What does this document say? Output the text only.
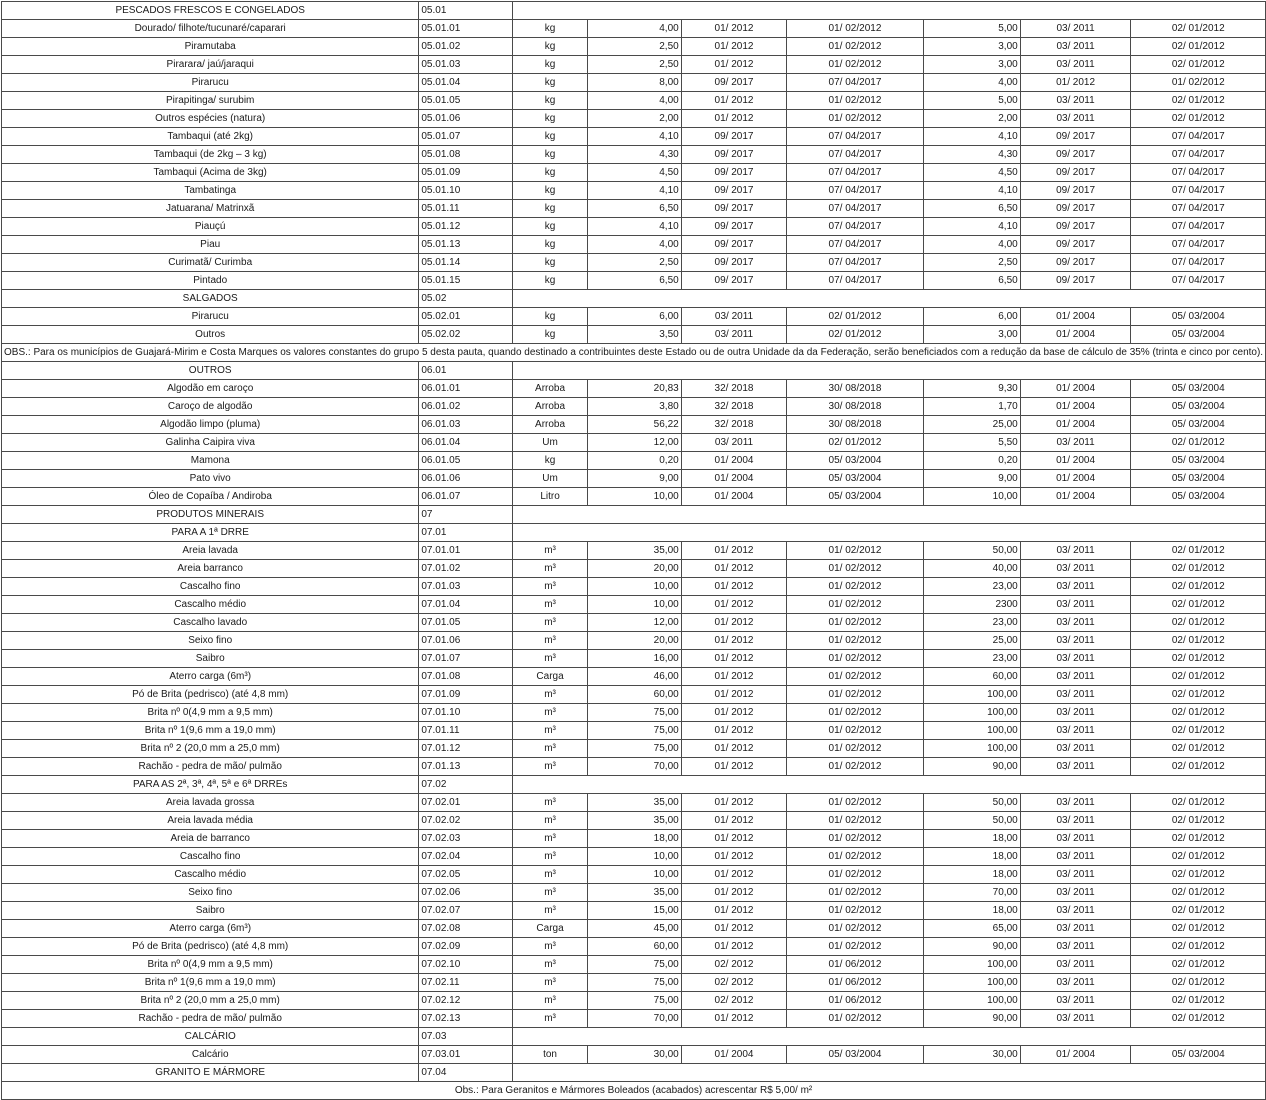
PESCADOS FRESCOS E CONGELADOS	05.01							
Dourado/ filhote/tucunaré/caparari	05.01.01	kg	4,00	01/ 2012	01/ 02/2012	5,00	03/ 2011	02/ 01/2012
Piramutaba	05.01.02	kg	2,50	01/ 2012	01/ 02/2012	3,00	03/ 2011	02/ 01/2012
Pirarara/ jaú/jaraqui	05.01.03	kg	2,50	01/ 2012	01/ 02/2012	3,00	03/ 2011	02/ 01/2012
Pirarucu	05.01.04	kg	8,00	09/ 2017	07/ 04/2017	4,00	01/ 2012	01/ 02/2012
Pirapitinga/ surubim	05.01.05	kg	4,00	01/ 2012	01/ 02/2012	5,00	03/ 2011	02/ 01/2012
Outros espécies (natura)	05.01.06	kg	2,00	01/ 2012	01/ 02/2012	2,00	03/ 2011	02/ 01/2012
Tambaqui (até 2kg)	05.01.07	kg	4,10	09/ 2017	07/ 04/2017	4,10	09/ 2017	07/ 04/2017
Tambaqui (de 2kg – 3 kg)	05.01.08	kg	4,30	09/ 2017	07/ 04/2017	4,30	09/ 2017	07/ 04/2017
Tambaqui (Acima de 3kg)	05.01.09	kg	4,50	09/ 2017	07/ 04/2017	4,50	09/ 2017	07/ 04/2017
Tambatinga	05.01.10	kg	4,10	09/ 2017	07/ 04/2017	4,10	09/ 2017	07/ 04/2017
Jatuarana/ Matrinxã	05.01.11	kg	6,50	09/ 2017	07/ 04/2017	6,50	09/ 2017	07/ 04/2017
Piauçú	05.01.12	kg	4,10	09/ 2017	07/ 04/2017	4,10	09/ 2017	07/ 04/2017
Piau	05.01.13	kg	4,00	09/ 2017	07/ 04/2017	4,00	09/ 2017	07/ 04/2017
Curimatã/ Curimba	05.01.14	kg	2,50	09/ 2017	07/ 04/2017	2,50	09/ 2017	07/ 04/2017
Pintado	05.01.15	kg	6,50	09/ 2017	07/ 04/2017	6,50	09/ 2017	07/ 04/2017
SALGADOS	05.02							
Pirarucu	05.02.01	kg	6,00	03/ 2011	02/ 01/2012	6,00	01/ 2004	05/ 03/2004
Outros	05.02.02	kg	3,50	03/ 2011	02/ 01/2012	3,00	01/ 2004	05/ 03/2004
OBS.: Para os municípios de Guajará-Mirim e Costa Marques os valores constantes do grupo 5 desta pauta, quando destinado a contribuintes deste Estado ou de outra Unidade da da Federação, serão beneficiados com a redução da base de cálculo de 35% (trinta e cinco por cento).								
OUTROS	06.01							
Algodão em caroço	06.01.01	Arroba	20,83	32/ 2018	30/ 08/2018	9,30	01/ 2004	05/ 03/2004
Caroço de algodão	06.01.02	Arroba	3,80	32/ 2018	30/ 08/2018	1,70	01/ 2004	05/ 03/2004
Algodão limpo (pluma)	06.01.03	Arroba	56,22	32/ 2018	30/ 08/2018	25,00	01/ 2004	05/ 03/2004
Galinha Caipira viva	06.01.04	Um	12,00	03/ 2011	02/ 01/2012	5,50	03/ 2011	02/ 01/2012
Mamona	06.01.05	kg	0,20	01/ 2004	05/ 03/2004	0,20	01/ 2004	05/ 03/2004
Pato vivo	06.01.06	Um	9,00	01/ 2004	05/ 03/2004	9,00	01/ 2004	05/ 03/2004
Óleo de Copaíba / Andiroba	06.01.07	Litro	10,00	01/ 2004	05/ 03/2004	10,00	01/ 2004	05/ 03/2004
PRODUTOS MINERAIS	07							
PARA A 1ª DRRE	07.01							
Areia lavada	07.01.01	m³	35,00	01/ 2012	01/ 02/2012	50,00	03/ 2011	02/ 01/2012
Areia barranco	07.01.02	m³	20,00	01/ 2012	01/ 02/2012	40,00	03/ 2011	02/ 01/2012
Cascalho fino	07.01.03	m³	10,00	01/ 2012	01/ 02/2012	23,00	03/ 2011	02/ 01/2012
Cascalho médio	07.01.04	m³	10,00	01/ 2012	01/ 02/2012	2300	03/ 2011	02/ 01/2012
Cascalho lavado	07.01.05	m³	12,00	01/ 2012	01/ 02/2012	23,00	03/ 2011	02/ 01/2012
Seixo fino	07.01.06	m³	20,00	01/ 2012	01/ 02/2012	25,00	03/ 2011	02/ 01/2012
Saibro	07.01.07	m³	16,00	01/ 2012	01/ 02/2012	23,00	03/ 2011	02/ 01/2012
Aterro carga (6m³)	07.01.08	Carga	46,00	01/ 2012	01/ 02/2012	60,00	03/ 2011	02/ 01/2012
Pó de Brita (pedrisco) (até 4,8 mm)	07.01.09	m³	60,00	01/ 2012	01/ 02/2012	100,00	03/ 2011	02/ 01/2012
Brita nº 0(4,9 mm a 9,5 mm)	07.01.10	m³	75,00	01/ 2012	01/ 02/2012	100,00	03/ 2011	02/ 01/2012
Brita nº 1(9,6 mm a 19,0 mm)	07.01.11	m³	75,00	01/ 2012	01/ 02/2012	100,00	03/ 2011	02/ 01/2012
Brita nº 2 (20,0 mm a 25,0 mm)	07.01.12	m³	75,00	01/ 2012	01/ 02/2012	100,00	03/ 2011	02/ 01/2012
Rachão - pedra de mão/ pulmão	07.01.13	m³	70,00	01/ 2012	01/ 02/2012	90,00	03/ 2011	02/ 01/2012
PARA AS 2ª, 3ª, 4ª, 5ª e 6ª DRREs	07.02							
Areia lavada grossa	07.02.01	m³	35,00	01/ 2012	01/ 02/2012	50,00	03/ 2011	02/ 01/2012
Areia lavada média	07.02.02	m³	35,00	01/ 2012	01/ 02/2012	50,00	03/ 2011	02/ 01/2012
Areia de barranco	07.02.03	m³	18,00	01/ 2012	01/ 02/2012	18,00	03/ 2011	02/ 01/2012
Cascalho fino	07.02.04	m³	10,00	01/ 2012	01/ 02/2012	18,00	03/ 2011	02/ 01/2012
Cascalho médio	07.02.05	m³	10,00	01/ 2012	01/ 02/2012	18,00	03/ 2011	02/ 01/2012
Seixo fino	07.02.06	m³	35,00	01/ 2012	01/ 02/2012	70,00	03/ 2011	02/ 01/2012
Saibro	07.02.07	m³	15,00	01/ 2012	01/ 02/2012	18,00	03/ 2011	02/ 01/2012
Aterro carga (6m³)	07.02.08	Carga	45,00	01/ 2012	01/ 02/2012	65,00	03/ 2011	02/ 01/2012
Pó de Brita (pedrisco) (até 4,8 mm)	07.02.09	m³	60,00	01/ 2012	01/ 02/2012	90,00	03/ 2011	02/ 01/2012
Brita nº 0(4,9 mm a 9,5 mm)	07.02.10	m³	75,00	02/ 2012	01/ 06/2012	100,00	03/ 2011	02/ 01/2012
Brita nº 1(9,6 mm a 19,0 mm)	07.02.11	m³	75,00	02/ 2012	01/ 06/2012	100,00	03/ 2011	02/ 01/2012
Brita nº 2 (20,0 mm a 25,0 mm)	07.02.12	m³	75,00	02/ 2012	01/ 06/2012	100,00	03/ 2011	02/ 01/2012
Rachão - pedra de mão/ pulmão	07.02.13	m³	70,00	01/ 2012	01/ 02/2012	90,00	03/ 2011	02/ 01/2012
CALCÁRIO	07.03							
Calcário	07.03.01	ton	30,00	01/ 2004	05/ 03/2004	30,00	01/ 2004	05/ 03/2004
GRANITO E MÁRMORE	07.04							
Obs.: Para Geranitos e Mármores Boleados (acabados) acrescentar R$ 5,00/ m²								
